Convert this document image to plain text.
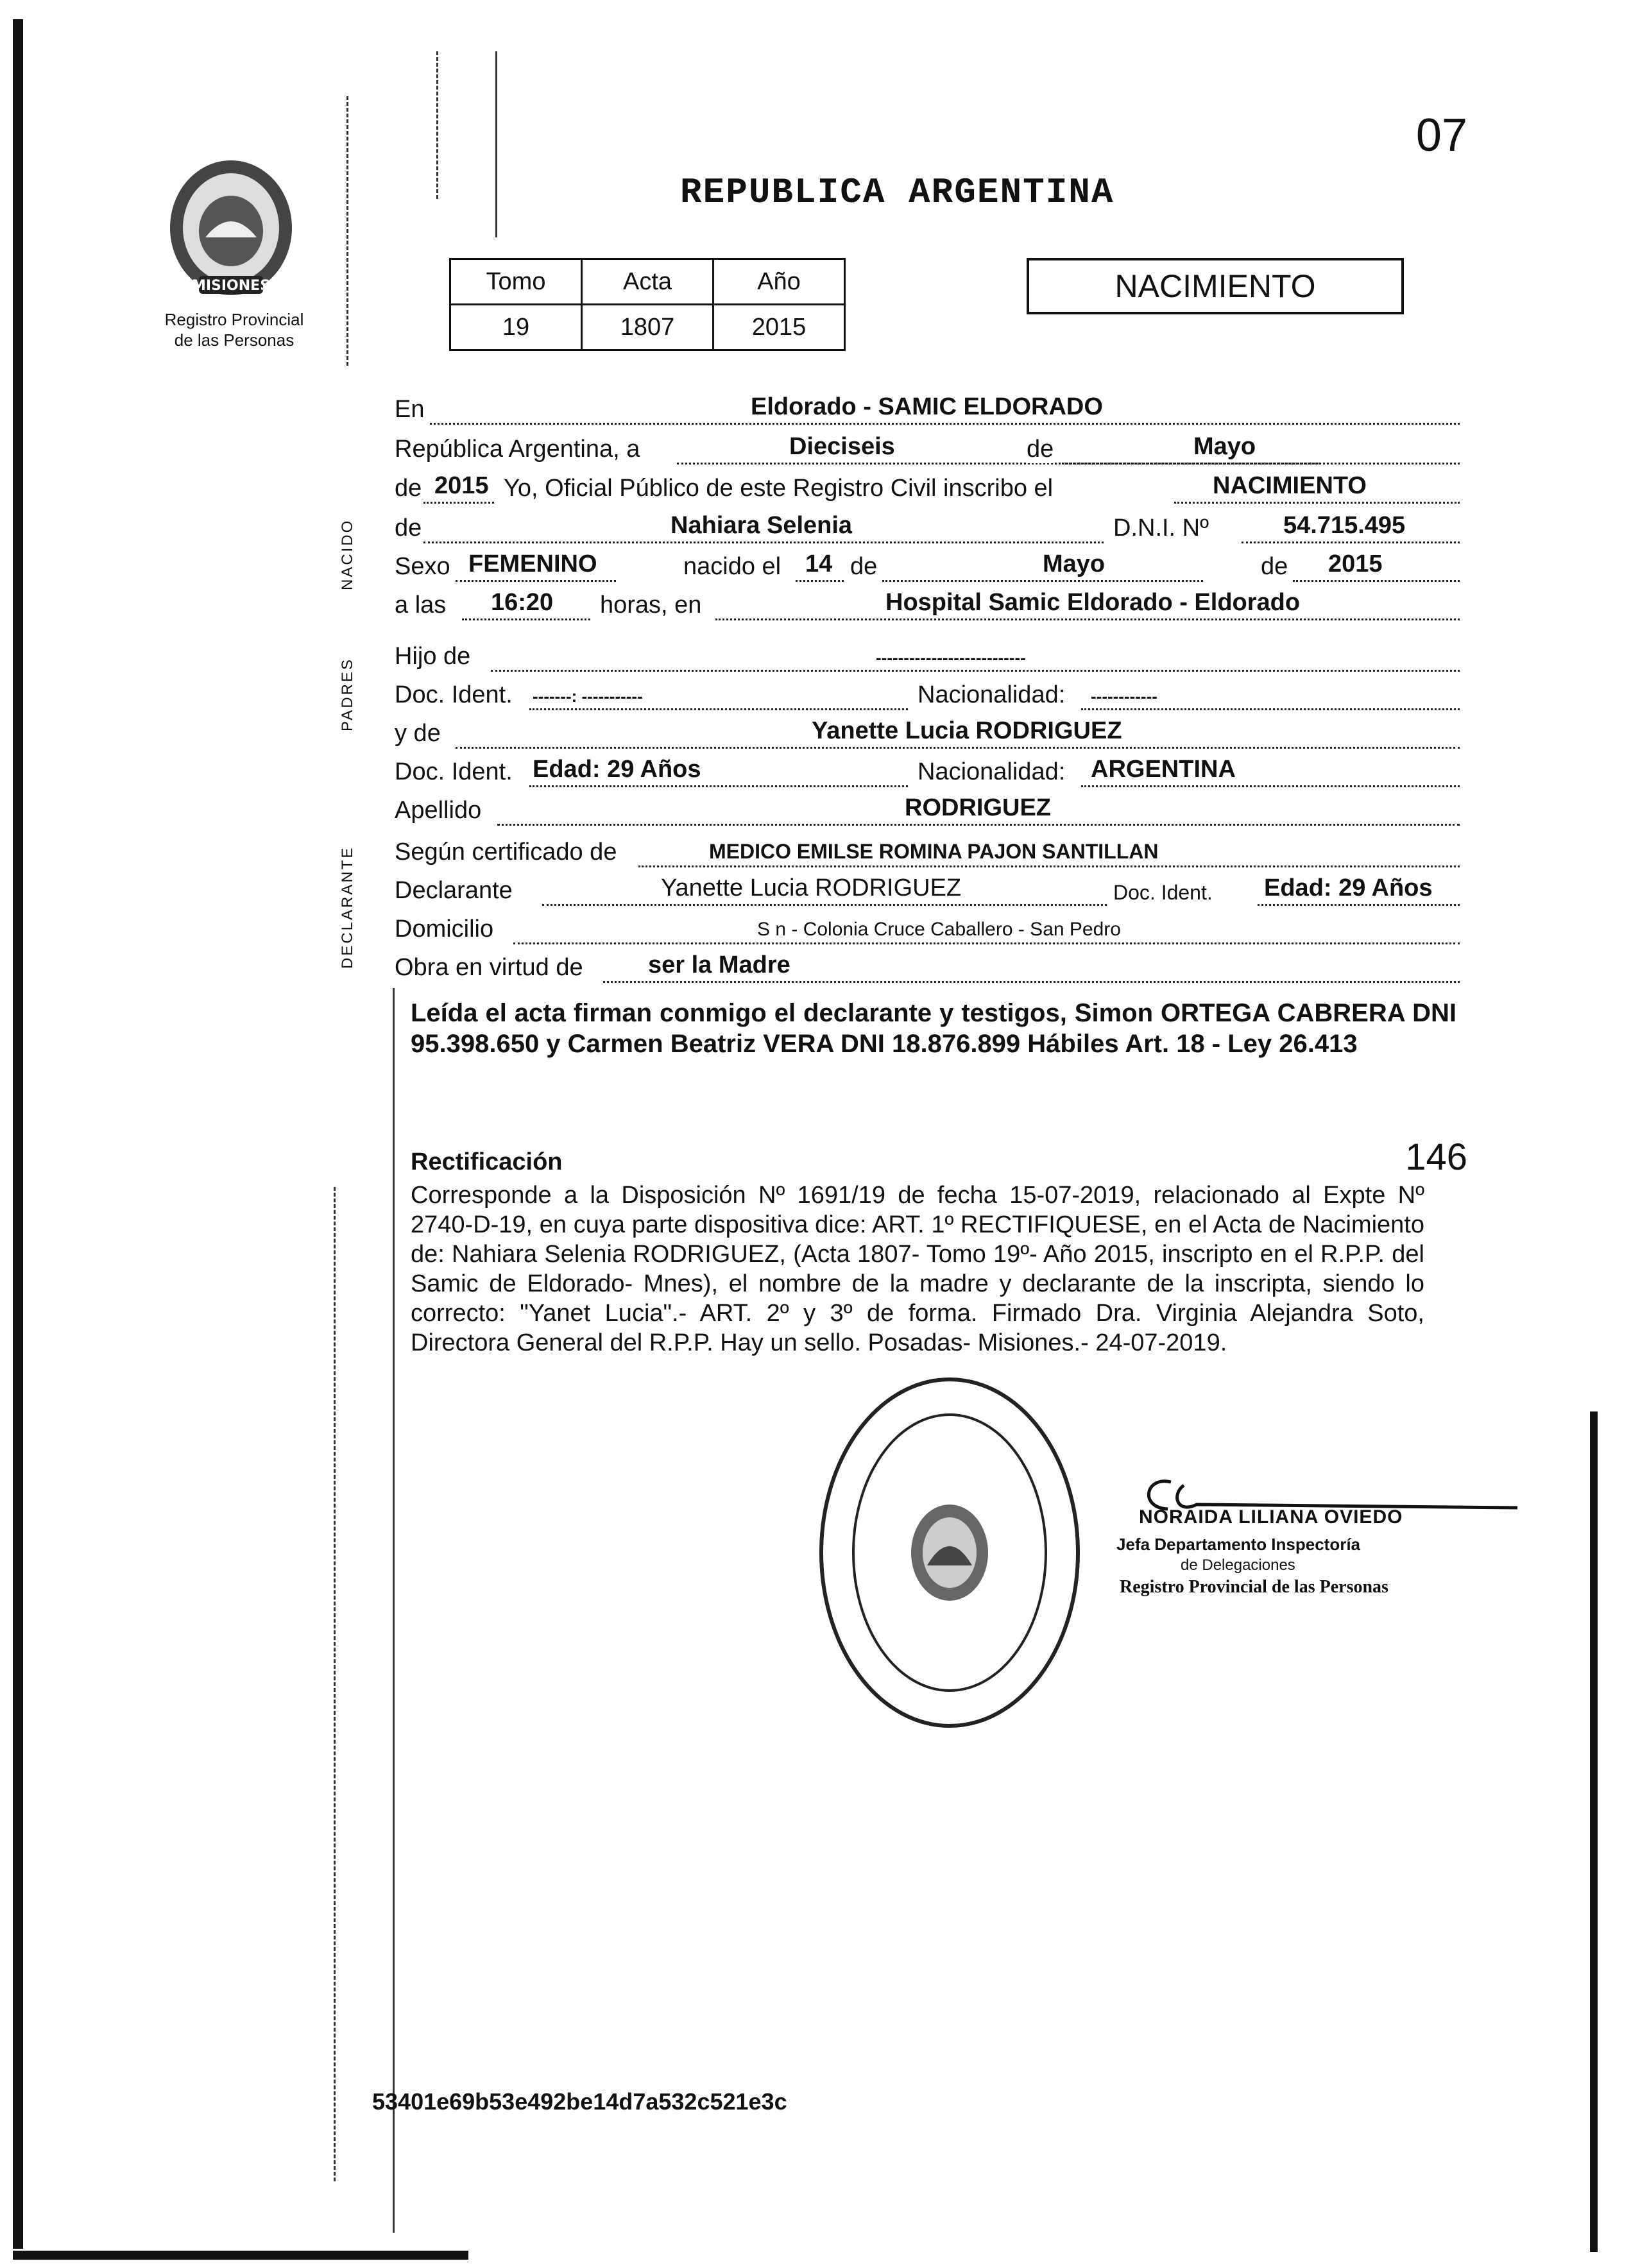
07
REPUBLICA ARGENTINA
MISIONES
Registro Provincial
de las Personas
Tomo	Acta	Año
19	1807	2015
NACIMIENTO
NACIDO
PADRES
DECLARANTE
En	Eldorado - SAMIC ELDORADO
República Argentina, a	Dieciseis	de	Mayo
de 2015 Yo, Oficial Público de este Registro Civil inscribo el	NACIMIENTO
de	Nahiara Selenia	D.N.I. Nº	54.715.495
Sexo FEMENINO	nacido el 14 de	Mayo	de 2015
a las 16:20 horas, en	Hospital Samic Eldorado - Eldorado
Hijo de	---------------------------
Doc. Ident. -------: -----------	Nacionalidad: ------------
y de	Yanette Lucia RODRIGUEZ
Doc. Ident. Edad: 29 Años	Nacionalidad: ARGENTINA
Apellido	RODRIGUEZ
Según certificado de	MEDICO EMILSE ROMINA PAJON SANTILLAN
Declarante	Yanette Lucia RODRIGUEZ	Doc. Ident. Edad: 29 Años
Domicilio	S n - Colonia Cruce Caballero - San Pedro
Obra en virtud de	ser la Madre
Leída el acta firman conmigo el declarante y testigos, Simon ORTEGA CABRERA DNI 95.398.650 y Carmen Beatriz VERA DNI 18.876.899 Hábiles Art. 18 - Ley 26.413
Rectificación	146
Corresponde a la Disposición Nº 1691/19 de fecha 15-07-2019, relacionado al Expte Nº 2740-D-19, en cuya parte dispositiva dice: ART. 1º RECTIFIQUESE, en el Acta de Nacimiento de: Nahiara Selenia RODRIGUEZ, (Acta 1807- Tomo 19º- Año 2015, inscripto en el R.P.P. del Samic de Eldorado- Mnes), el nombre de la madre y declarante de la inscripta, siendo lo correcto: "Yanet Lucia".- ART. 2º y 3º de forma. Firmado Dra. Virginia Alejandra Soto, Directora General del R.P.P. Hay un sello. Posadas- Misiones.- 24-07-2019.
NORAIDA LILIANA OVIEDO
Jefa Departamento Inspectoría
de Delegaciones
Registro Provincial de las Personas
53401e69b53e492be14d7a532c521e3c
